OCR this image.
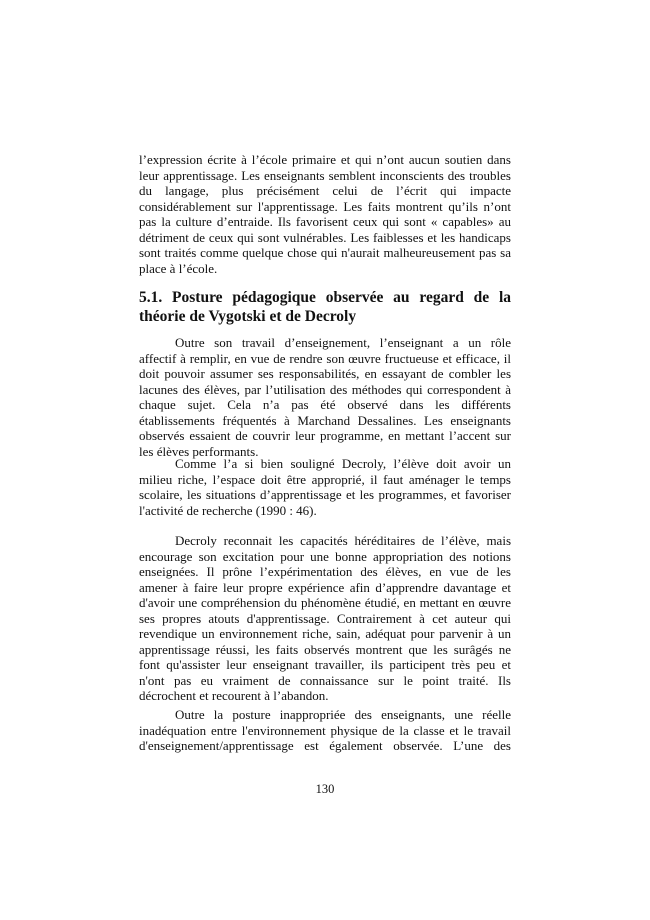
l’expression écrite à l’école primaire et qui n’ont aucun soutien dans
leur apprentissage. Les enseignants semblent inconscients des troubles
du langage, plus précisément celui de l’écrit qui impacte
considérablement sur l'apprentissage. Les faits montrent qu’ils n’ont
pas la culture d’entraide. Ils favorisent ceux qui sont « capables» au
détriment de ceux qui sont vulnérables. Les faiblesses et les handicaps
sont traités comme quelque chose qui n'aurait malheureusement pas sa
place à l’école.
5.1. Posture pédagogique observée au regard de la
théorie de Vygotski et de Decroly
Outre son travail d’enseignement, l’enseignant a un rôle
affectif à remplir, en vue de rendre son œuvre fructueuse et efficace, il
doit pouvoir assumer ses responsabilités, en essayant de combler les
lacunes des élèves, par l’utilisation des méthodes qui correspondent à
chaque sujet. Cela n’a pas été observé dans les différents
établissements fréquentés à Marchand Dessalines. Les enseignants
observés essaient de couvrir leur programme, en mettant l’accent sur
les élèves performants.
Comme l’a si bien souligné Decroly, l’élève doit avoir un
milieu riche, l’espace doit être approprié, il faut aménager le temps
scolaire, les situations d’apprentissage et les programmes, et favoriser
l'activité de recherche (1990 : 46).
Decroly reconnait les capacités héréditaires de l’élève, mais
encourage son excitation pour une bonne appropriation des notions
enseignées. Il prône l’expérimentation des élèves, en vue de les
amener à faire leur propre expérience afin d’apprendre davantage et
d'avoir une compréhension du phénomène étudié, en mettant en œuvre
ses propres atouts d'apprentissage. Contrairement à cet auteur qui
revendique un environnement riche, sain, adéquat pour parvenir à un
apprentissage réussi, les faits observés montrent que les surâgés ne
font qu'assister leur enseignant travailler, ils participent très peu et
n'ont pas eu vraiment de connaissance sur le point traité. Ils
décrochent et recourent à l’abandon.
Outre la posture inappropriée des enseignants, une réelle
inadéquation entre l'environnement physique de la classe et le travail
d'enseignement/apprentissage est également observée. L’une des
130
